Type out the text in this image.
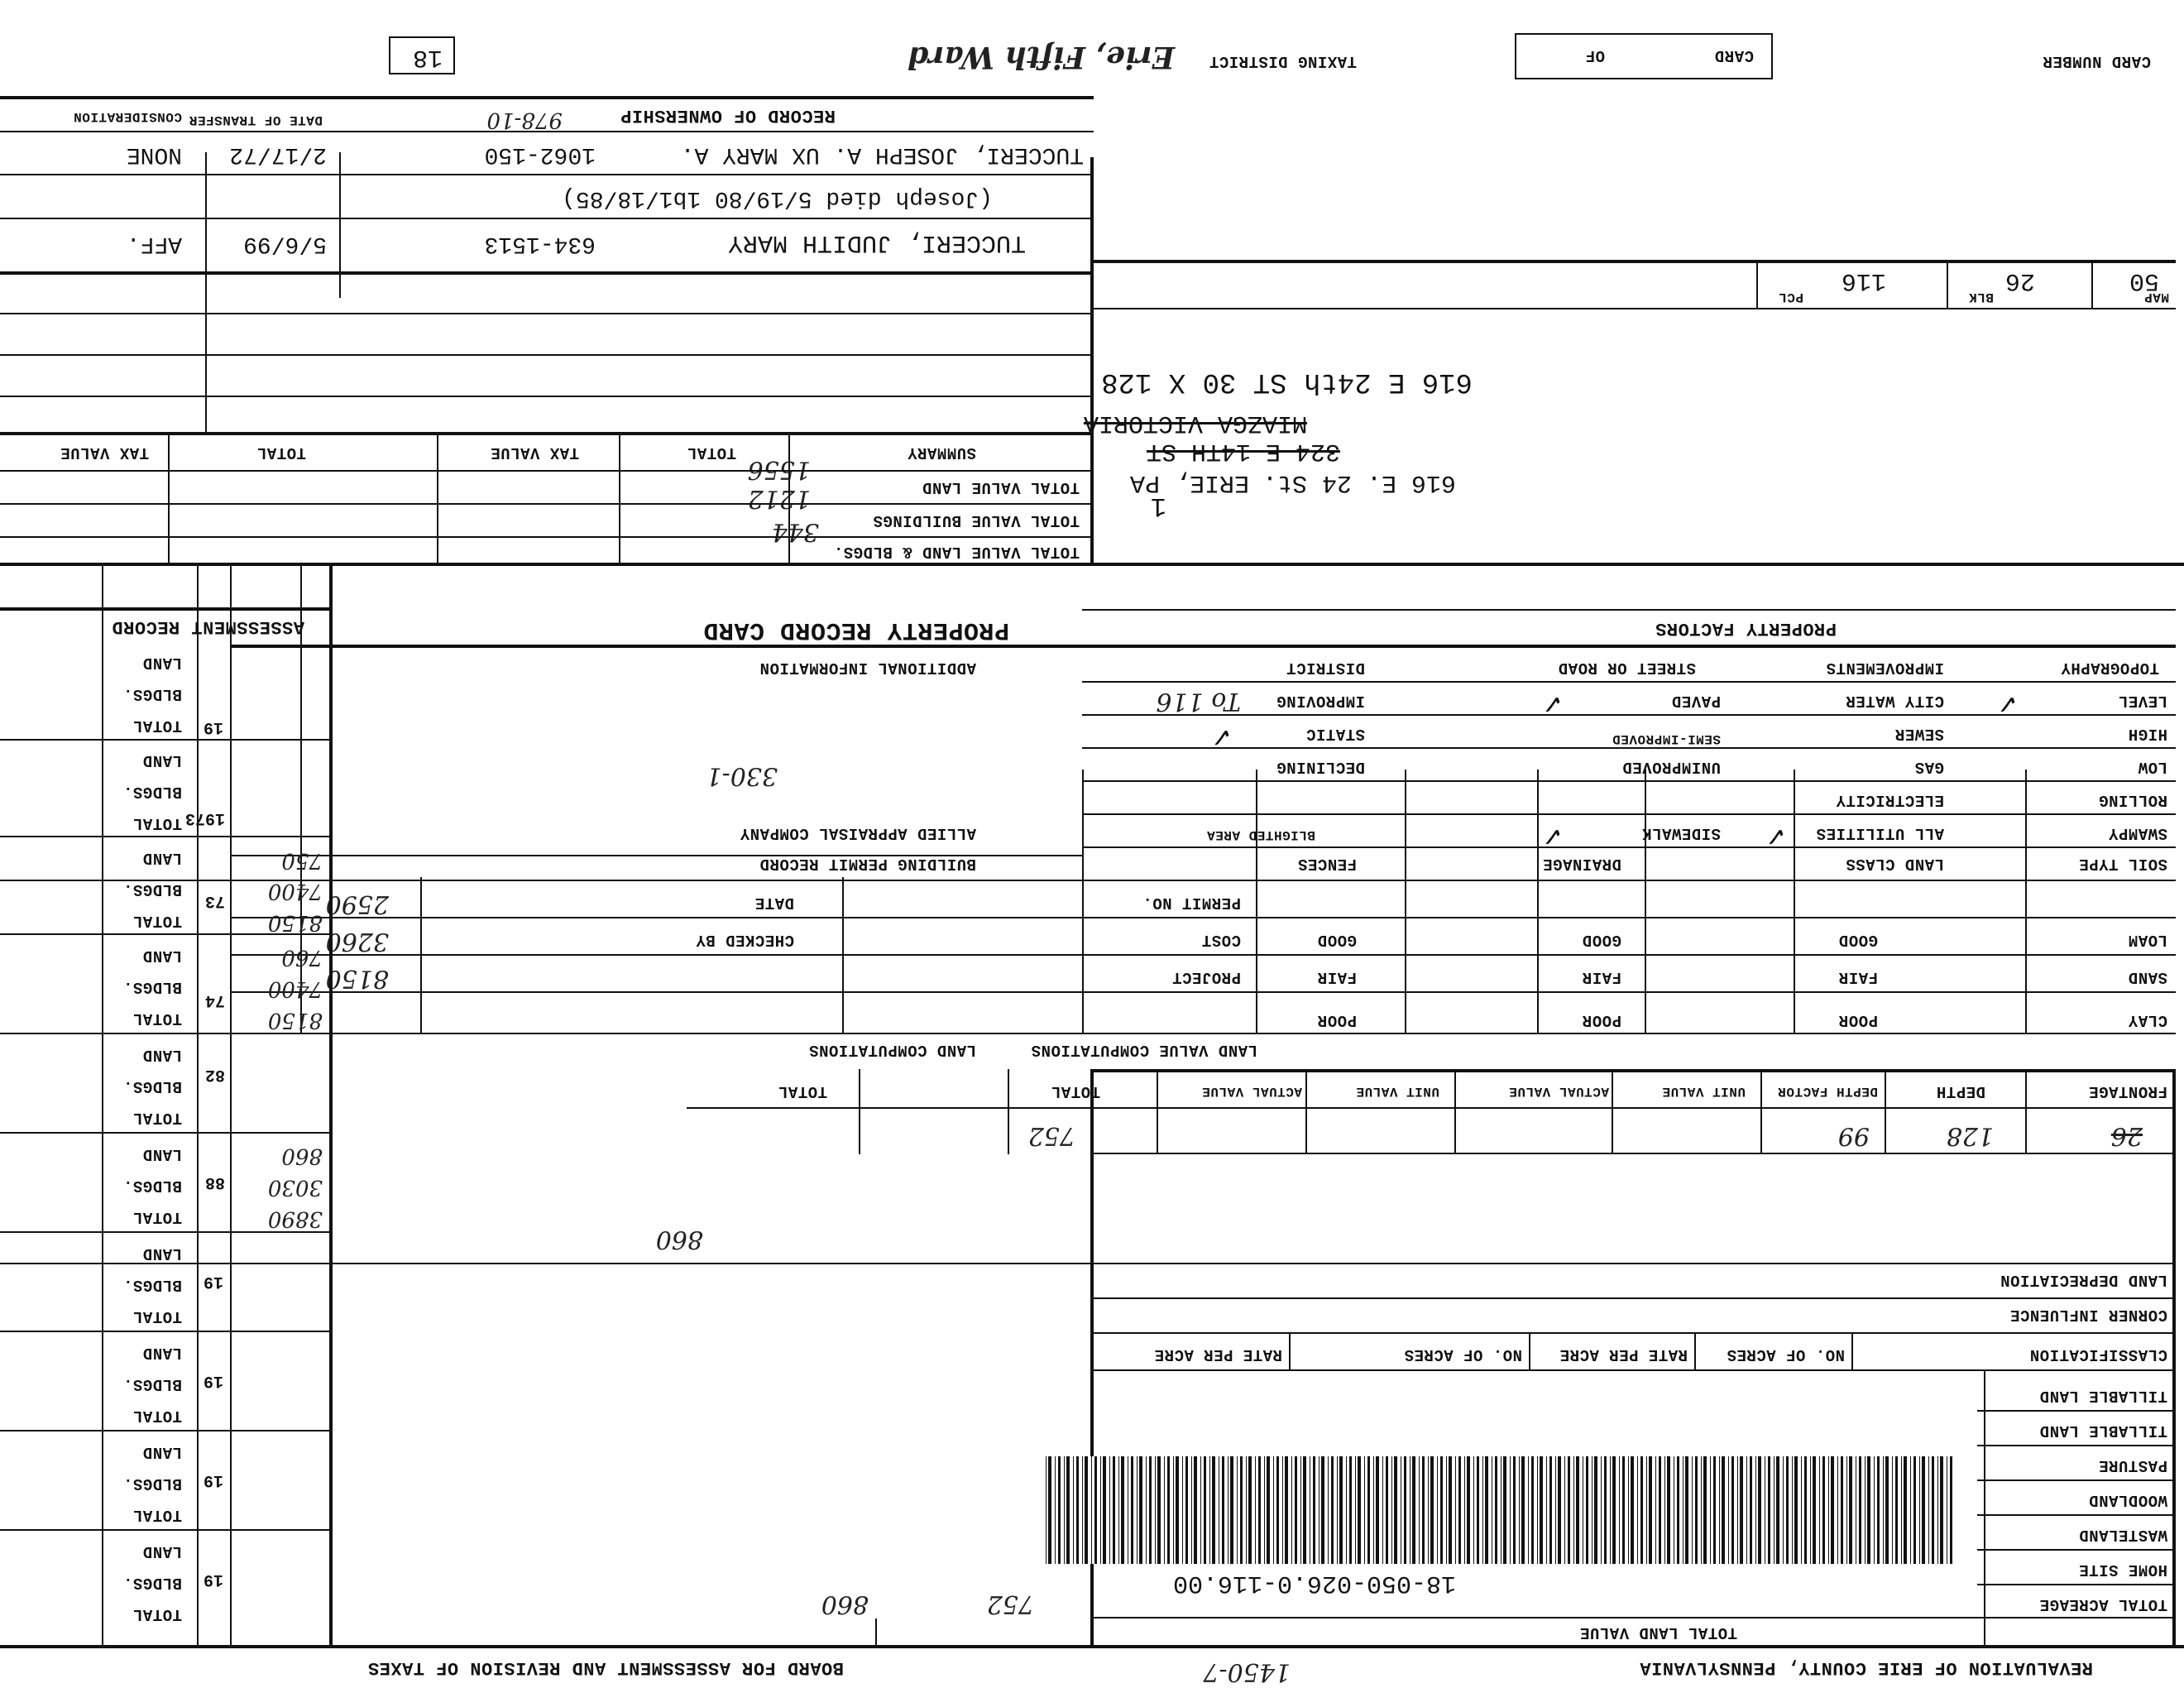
REVALUATION OF ERIE COUNTY, PENNSYLVANIA
1450-7
BOARD FOR ASSESSMENT AND REVISION OF TAXES
TOTAL LAND VALUE
752
860	TOTAL ACREAGE
HOME SITE
WASTELAND
WOODLAND
PASTURE
TILLABLE LAND
TILLABLE LAND
18-050-026.0-116.00
CLASSIFICATION
NO. OF ACRES
RATE PER ACRE
NO. OF ACRES
RATE PER ACRE
CORNER INFLUENCE
LAND DEPRECIATION
860
FRONTAGE
DEPTH
DEPTH FACTOR
UNIT VALUE
ACTUAL VALUE
UNIT VALUE
ACTUAL VALUE
TOTAL
TOTAL
26
128
99
752
LAND VALUE COMPUTATIONS
LAND COMPUTATIONS
344
1212
1556
CLAY
SAND
LOAM
SOIL TYPE
POOR
FAIR
GOOD
LAND CLASS
POOR
FAIR
GOOD
DRAINAGE
POOR
FAIR
GOOD
FENCES
PROJECT
COST
PERMIT NO.
CHECKED BY
DATE
BUILDING PERMIT RECORD
8150
3260
2590
SWAMPY
ROLLING
LOW
HIGH
LEVEL
TOPOGRAPHY
✓
ALL UTILITIES
ELECTRICITY
GAS
SEWER
CITY WATER
IMPROVEMENTS
✓
SIDEWALK
UNIMPROVED
SEMI-IMPROVED
PAVED
STREET OR ROAD
✓
✓
BLIGHTED AREA
DECLINING
STATIC
IMPROVING
DISTRICT
✓
PROPERTY FACTORS
ALLIED APPRAISAL COMPANY
ADDITIONAL INFORMATION
To 116
330-1
PROPERTY RECORD CARD
ASSESSMENT RECORD
LAND
BLDGS.
TOTAL 19
LAND
BLDGS.
TOTAL 1973
LAND
BLDGS.
TOTAL
73
750
7400
8150
LAND
BLDGS.
TOTAL
74
760
7400
8150
LAND
BLDGS.
TOTAL
82
LAND
BLDGS.
TOTAL
88
860
3030
3890
LAND
BLDGS.
TOTAL
19
LAND
BLDGS.
TOTAL
19
LAND
BLDGS.
TOTAL
19
LAND
BLDGS.
TOTAL
19
TOTAL VALUE LAND & BLDGS.
TOTAL VALUE BUILDINGS
TOTAL VALUE LAND
SUMMARY
TOTAL
TAX VALUE
TOTAL
TAX VALUE
TUCCERI, JUDITH MARY
634-1513
5/6/99
AFF.
(Joseph died 5/19/80 1b1/18/85)
TUCCERI, JOSEPH A. UX MARY A.
1062-150
2/17/72
NONE
RECORD OF OWNERSHIP
978-10
DATE OF TRANSFER
CONSIDERATION
1
616 E. 24 St.
ERIE, PA
324 E 14TH ST
MIAZGA VICTORIA
616 E 24th ST 30 X 128
MAP
50
BLK
26
PCL
116
CARD NUMBER
CARD
OF
TAXING DISTRICT
Erie, Fifth Ward
18
